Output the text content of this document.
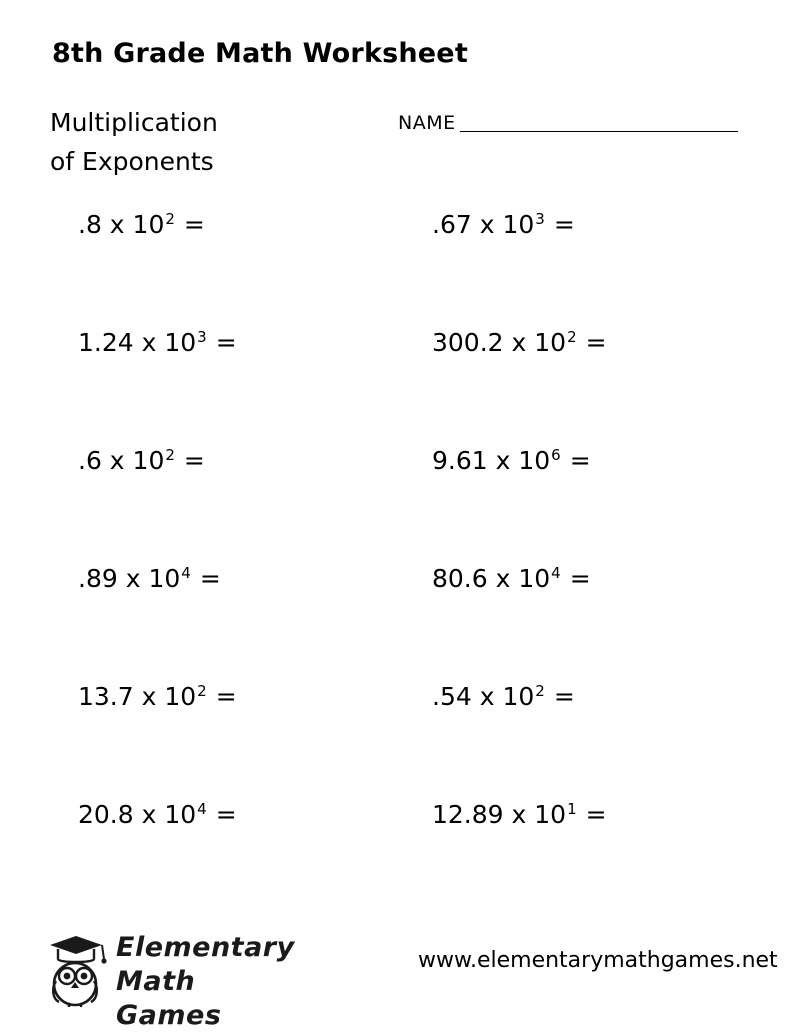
8th Grade Math Worksheet
Multiplication
of Exponents
NAME
.8 x $10^2$ =	.67 x $10^3$ =
1.24 x $10^3$ =	300.2 x $10^2$ =
.6 x $10^2$ =	9.61 x $10^6$ =
.89 x $10^4$ =	80.6 x $10^4$ =
13.7 x $10^2$ =	.54 x $10^2$ =
20.8 x $10^4$ =	12.89 x $10^1$ =
Elementary
Math Games
www.elementarymathgames.net
